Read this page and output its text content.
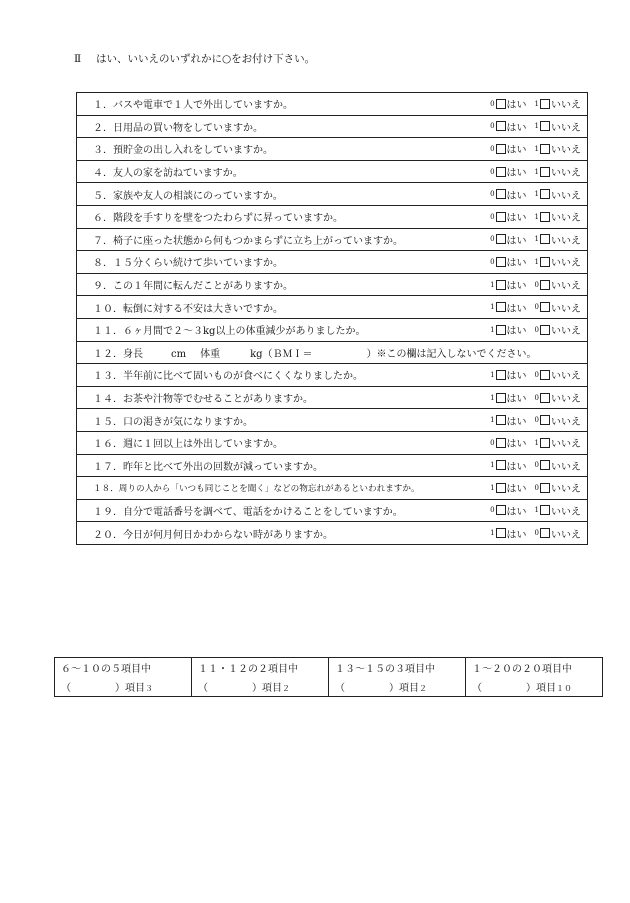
Ⅱ はい、いいえのいずれかに○をお付け下さい。
１．バスや電車で１人で外出していますか。	0 はい 1 いいえ

２．日用品の買い物をしていますか。	0 はい 1 いいえ

３．預貯金の出し入れをしていますか。	0 はい 1 いいえ

４．友人の家を訪ねていますか。	0 はい 1 いいえ

５．家族や友人の相談にのっていますか。	0 はい 1 いいえ

６．階段を手すりを壁をつたわらずに昇っていますか。	0 はい 1 いいえ

７．椅子に座った状態から何もつかまらずに立ち上がっていますか。	0 はい 1 いいえ

８．１５分くらい続けて歩いていますか。	0 はい 1 いいえ

９．この１年間に転んだことがありますか。	1 はい 0 いいえ

１０．転倒に対する不安は大きいですか。	1 はい 0 いいえ

１１．６ヶ月間で２～３kg以上の体重減少がありましたか。	1 はい 0 いいえ

１２．身長	cm 体重	kg（ＢＭＩ＝	）※この欄は記入しないでください。

１３．半年前に比べて固いものが食べにくくなりましたか。	1 はい 0 いいえ

１４．お茶や汁物等でむせることがありますか。	1 はい 0 いいえ

１５．口の渇きが気になりますか。	1 はい 0 いいえ

１６．週に１回以上は外出していますか。	0 はい 1 いいえ

１７．昨年と比べて外出の回数が減っていますか。	1 はい 0 いいえ

１８．周りの人から「いつも同じことを聞く」などの物忘れがあるといわれますか。	1 はい 0 いいえ

１９．自分で電話番号を調べて、電話をかけることをしていますか。	0 はい 1 いいえ

２０．今日が何月何日かわからない時がありますか。	1 はい 0 いいえ
６～１０の５項目中
（	）項目３

１１・１２の２項目中
（	）項目２

１３～１５の３項目中
（	）項目２

１～２０の２０項目中
（	）項目１０
